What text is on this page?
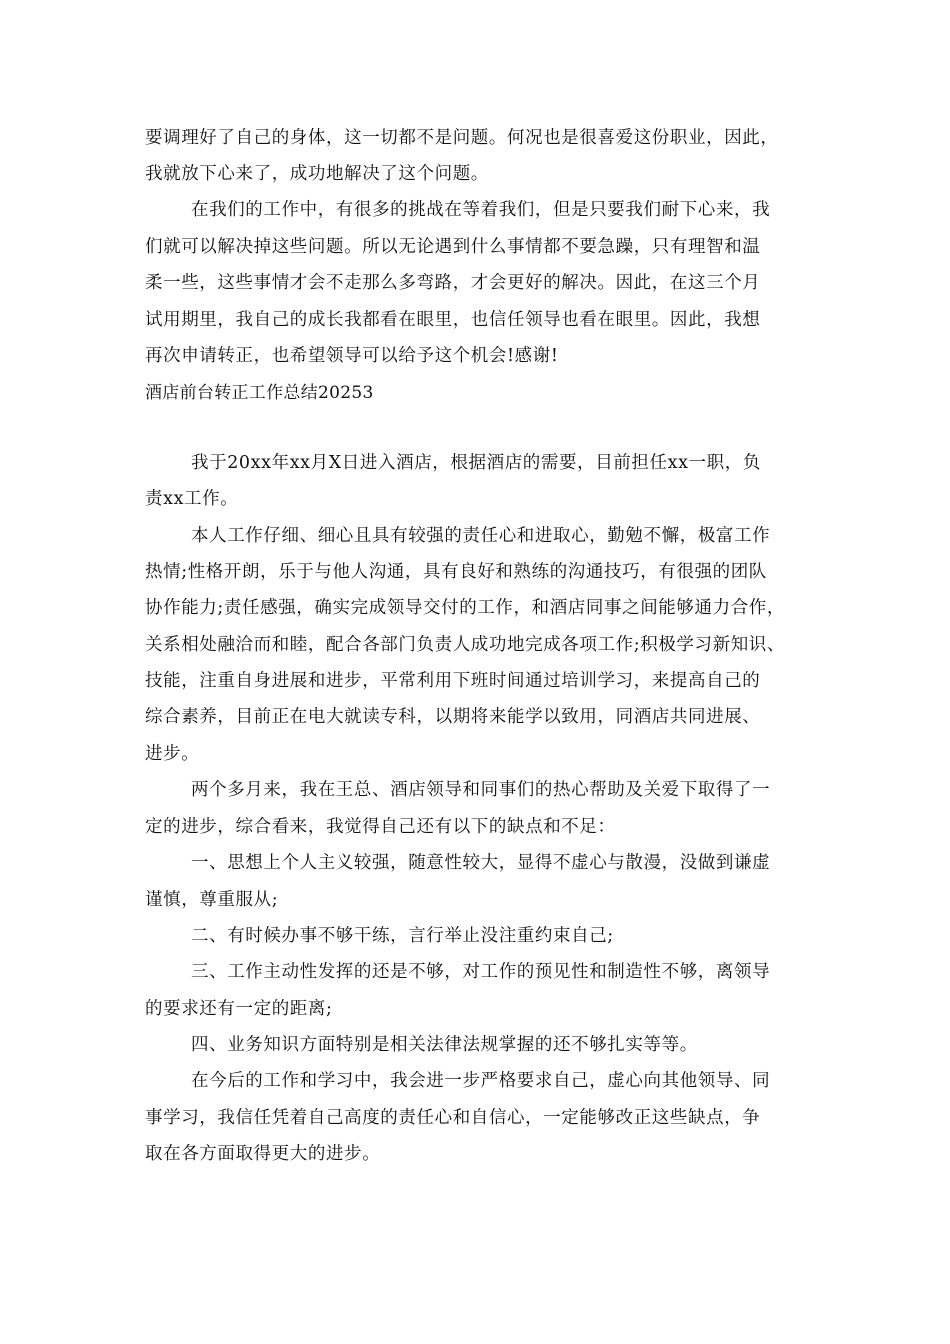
要调理好了自己的身体，这一切都不是问题。何况也是很喜爱这份职业，因此，
我就放下心来了，成功地解决了这个问题。
在我们的工作中，有很多的挑战在等着我们，但是只要我们耐下心来，我
们就可以解决掉这些问题。所以无论遇到什么事情都不要急躁，只有理智和温
柔一些，这些事情才会不走那么多弯路，才会更好的解决。因此，在这三个月
试用期里，我自己的成长我都看在眼里，也信任领导也看在眼里。因此，我想
再次申请转正，也希望领导可以给予这个机会!感谢!
酒店前台转正工作总结20253
我于20xx年xx月X日进入酒店，根据酒店的需要，目前担任xx一职，负
责xx工作。
本人工作仔细、细心且具有较强的责任心和进取心，勤勉不懈，极富工作
热情;性格开朗，乐于与他人沟通，具有良好和熟练的沟通技巧，有很强的团队
协作能力;责任感强，确实完成领导交付的工作，和酒店同事之间能够通力合作，
关系相处融洽而和睦，配合各部门负责人成功地完成各项工作;积极学习新知识、
技能，注重自身进展和进步，平常利用下班时间通过培训学习，来提高自己的
综合素养，目前正在电大就读专科，以期将来能学以致用，同酒店共同进展、
进步。
两个多月来，我在王总、酒店领导和同事们的热心帮助及关爱下取得了一
定的进步，综合看来，我觉得自己还有以下的缺点和不足：
一、思想上个人主义较强，随意性较大，显得不虚心与散漫，没做到谦虚
谨慎，尊重服从;
二、有时候办事不够干练，言行举止没注重约束自己;
三、工作主动性发挥的还是不够，对工作的预见性和制造性不够，离领导
的要求还有一定的距离;
四、业务知识方面特别是相关法律法规掌握的还不够扎实等等。
在今后的工作和学习中，我会进一步严格要求自己，虚心向其他领导、同
事学习，我信任凭着自己高度的责任心和自信心，一定能够改正这些缺点，争
取在各方面取得更大的进步。
